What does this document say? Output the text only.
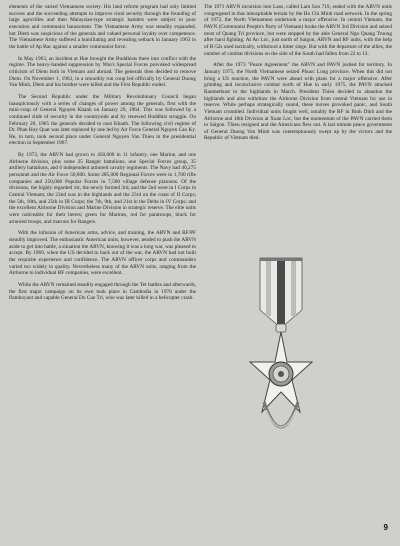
elements of the varied Vietnamese society. His land reform program had only limited success and the succeeding attempts to improve rural security through the founding of large agrovilles and then Malaysian-type strategic hamlets were subject to poor execution and communist harassment. The Vietnamese Army was steadily expanded, but Diem was suspicious of the generals and valued personal loyalty over competence. The Vietnamese Army suffered a humiliating and revealing setback in January 1963 in the battle of Ap Bac against a smaller communist force.

In May 1963, an incident at Hue brought the Buddhists there into conflict with the regime. The heavy-handed suppression by Nhu's Special Forces provoked widespread criticism of Diem both in Vietnam and abroad. The generals then decided to remove Diem. On November 1, 1963, in a smoothly run coup led officially by General Duong Van Minh, Diem and his brother were killed and the First Republic ended.

The Second Republic under the Military Revolutionary Council began inauspiciously with a series of changes of power among the generals, first with the mini-coup of General Nguyen Khanh on January 29, 1964. This was followed by a continued slide of security in the countryside and by renewed Buddhist struggle. On February 20, 1965 the generals decided to oust Khanh. The following civil regime of Dr. Phan Huy Quat was later replaced by one led by Air Force General Nguyen Cao Ky. He, in turn, took second place under General Nguyen Van Thieu in the presidential election in September 1967.

By 1973, the ARVN had grown to 450,000 in 11 infantry, one Marine, and one Airborne division, plus some 25 Ranger battalions, one Special Forces group, 35 artillery battalions, and 6 independent armored cavalry regiments. The Navy had 40,275 personnel and the Air Force 50,000. Some 285,000 Regional Forces were in 1,700 rifle companies and 250,000 Popular Forces in 7,500 village defense platoons. Of the divisions, the highly regarded 1st, the newly formed 3rd, and the 2nd were in I Corps in Central Vietnam; the 22nd was in the highlands and the 23rd on the coast of II Corps; the 5th, 18th, and 25th in III Corps; the 7th, 9th, and 21st in the Delta in IV Corps; and the excellent Airborne Division and Marine Division in strategic reserve. The elite units were noticeable for their berets; green for Marines, red for paratroops, black for armored troops, and maroon for Rangers.

With the infusion of American arms, advice, and training, the ARVN and RF/PF steadily improved. The enthusiastic American units, however, tended to push the ARVN aside to get into battle, a situation the ARVN, knowing it was a long war, was pleased to accept. By 1969, when the US decided to back out of the war, the ARVN had not built the requisite experience and confidence. The ARVN officer corps and commanders varied too widely in quality. Nevertheless many of the ARVN units, ranging from the Airborne to individual RF companies, were excellent.

While the ARVN remained steadily engaged through the Tet battles and afterwards, the first major campaign on its own took place in Cambodia in 1970 under the flamboyant and capable General Do Cao Tri, who was later killed in a helicopter crash.

The 1971 ARVN incursion into Laos, called Lam Son 719, ended with the ARVN units congregated in that inhospitable terrain by the Ho Chi Minh road network. In the spring of 1972, the North Vietnamese undertook a major offensive. In central Vietnam, the PAVN (Communist People's Party of Vietnam) broke the ARVN 3rd Division and seized most of Quang Tri province, but were stopped by the able General Ngo Quang Truong after hard fighting. At An Loc, just north of Saigon, ARVN and RF units, with the help of B-52s used tactically, withstood a bitter siege. But with the departure of the allies, the number of combat divisions on the side of the South had fallen from 22 to 13.

After the 1973 "Peace Agreement" the ARVN and PAVN jostled for territory. In January 1975, the North Vietnamese seized Phuoc Long province. When this did not bring a US reaction, the PAVN were ahead with plans for a major offensive. After grinding and inconclusive combat north of Hue in early 1975, the PAVN attacked Banmethuot in the highlands in March. President Thieu decided to abandon the highlands and also withdraw the Airborne Division from central Vietnam for use in reserve. While perhaps strategically sound, these moves provoked panic, and South Vietnam crumbled. Individual units fought well, notably the RF in Binh Dinh and the Airborne and 18th Division at Xuan Loc, but the momentum of the PAVN carried them to Saigon. Thieu resigned and the Americans flew out. A last minute peace government of General Duong Van Minh was contemptuously swept up by the victors and the Republic of Vietnam died.

9
